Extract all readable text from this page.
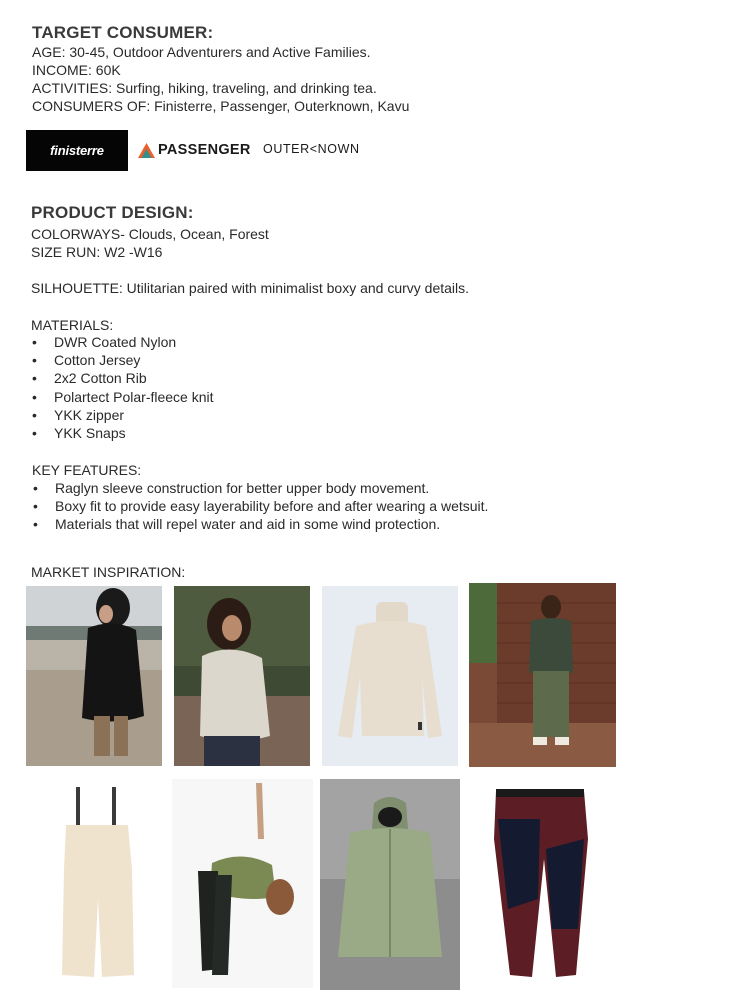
TARGET CONSUMER:
AGE: 30-45, Outdoor Adventurers and Active Families.
INCOME: 60K
ACTIVITIES: Surfing, hiking, traveling, and drinking tea.
CONSUMERS OF: Finisterre, Passenger, Outerknown, Kavu
finisterre	PASSENGER OUTER<NOWN
PRODUCT DESIGN:
COLORWAYS- Clouds, Ocean, Forest
SIZE RUN: W2 -W16
SILHOUETTE: Utilitarian paired with minimalist boxy and curvy details.
MATERIALS:
• DWR Coated Nylon
• Cotton Jersey
• 2x2 Cotton Rib
• Polartect Polar-fleece knit
• YKK zipper
• YKK Snaps
KEY FEATURES:
• Raglyn sleeve construction for better upper body movement.
• Boxy fit to provide easy layerability before and after wearing a wetsuit.
• Materials that will repel water and aid in some wind protection.
MARKET INSPIRATION:
